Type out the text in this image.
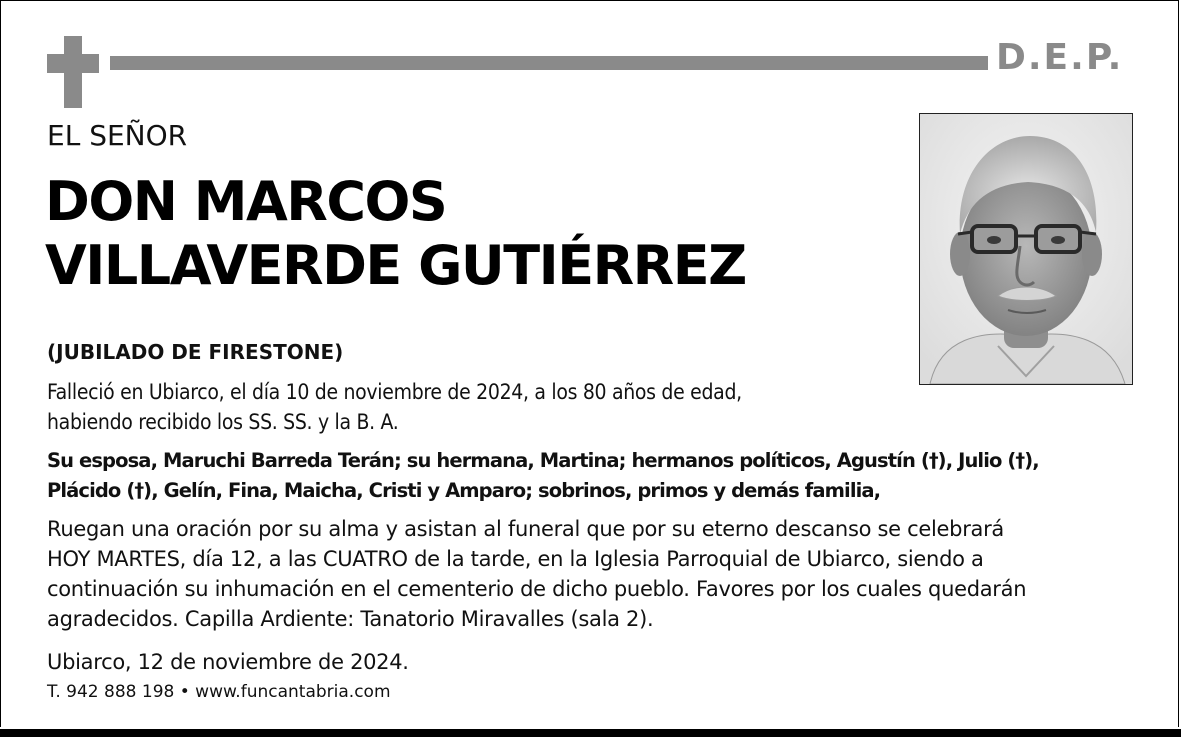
D.E.P.
EL SEÑOR
DON MARCOS
VILLAVERDE GUTIÉRREZ
(JUBILADO DE FIRESTONE)
Falleció en Ubiarco, el día 10 de noviembre de 2024, a los 80 años de edad,
habiendo recibido los SS. SS. y la B. A.
Su esposa, Maruchi Barreda Terán; su hermana, Martina; hermanos políticos, Agustín (†), Julio (†),
Plácido (†), Gelín, Fina, Maicha, Cristi y Amparo; sobrinos, primos y demás familia,
Ruegan una oración por su alma y asistan al funeral que por su eterno descanso se celebrará
HOY MARTES, día 12, a las CUATRO de la tarde, en la Iglesia Parroquial de Ubiarco, siendo a
continuación su inhumación en el cementerio de dicho pueblo. Favores por los cuales quedarán
agradecidos. Capilla Ardiente: Tanatorio Miravalles (sala 2).
Ubiarco, 12 de noviembre de 2024.
T. 942 888 198 • www.funcantabria.com
